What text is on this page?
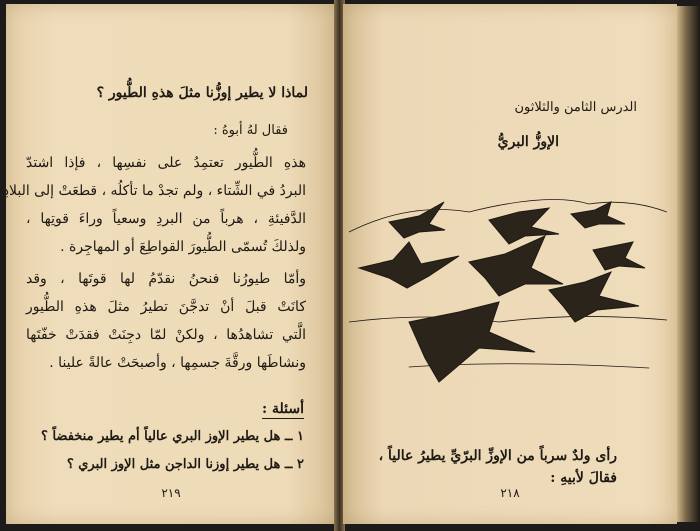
لماذا لا يطير إوزُّنا مثلَ هذهِ الطُّيور ؟
فقال لهُ أبوهُ :
هذهِ الطُّيور تعتمِدُ على نفسِها ، فإذا اشتدّ
البردُ في الشِّتاء ، ولم تجدْ ما تأكلُه ، قطعَتْ إلى البلادِ
الدَّفيئةِ ، هرباً من البردِ وسعياً وراءَ قوتِها ،
ولذلكَ تُسمّى الطُّيورَ القواطِعَ أو المهاجِرة .
وأمّا طيورُنا فنحنُ نقدّمُ لها قوتَها ، وقد
كانَتْ قبلَ أنْ تدجَّنَ تطيرُ مثلَ هذهِ الطُّيور
الَّتي تشاهدُها ، ولكنْ لمّا دجِنَتْ فقدَتْ خفّتَها
ونشاطَها ورقَّةَ جسمِها ، وأصبحَتْ عالةً علينا .
أسئلة :
١ ــ هل يطير الإوز البري عالياً أم يطير منخفضاً ؟
٢ ــ هل يطير إوزنا الداجن مثل الإوز البري ؟
٢١٩
الدرس الثامن والثلاثون
الإوزُّ البريُّ
رأى ولدٌ سرباً من الإوزِّ البرّيِّ يطيرُ عالياً ،
فقالَ لأبيهِ :
٢١٨
